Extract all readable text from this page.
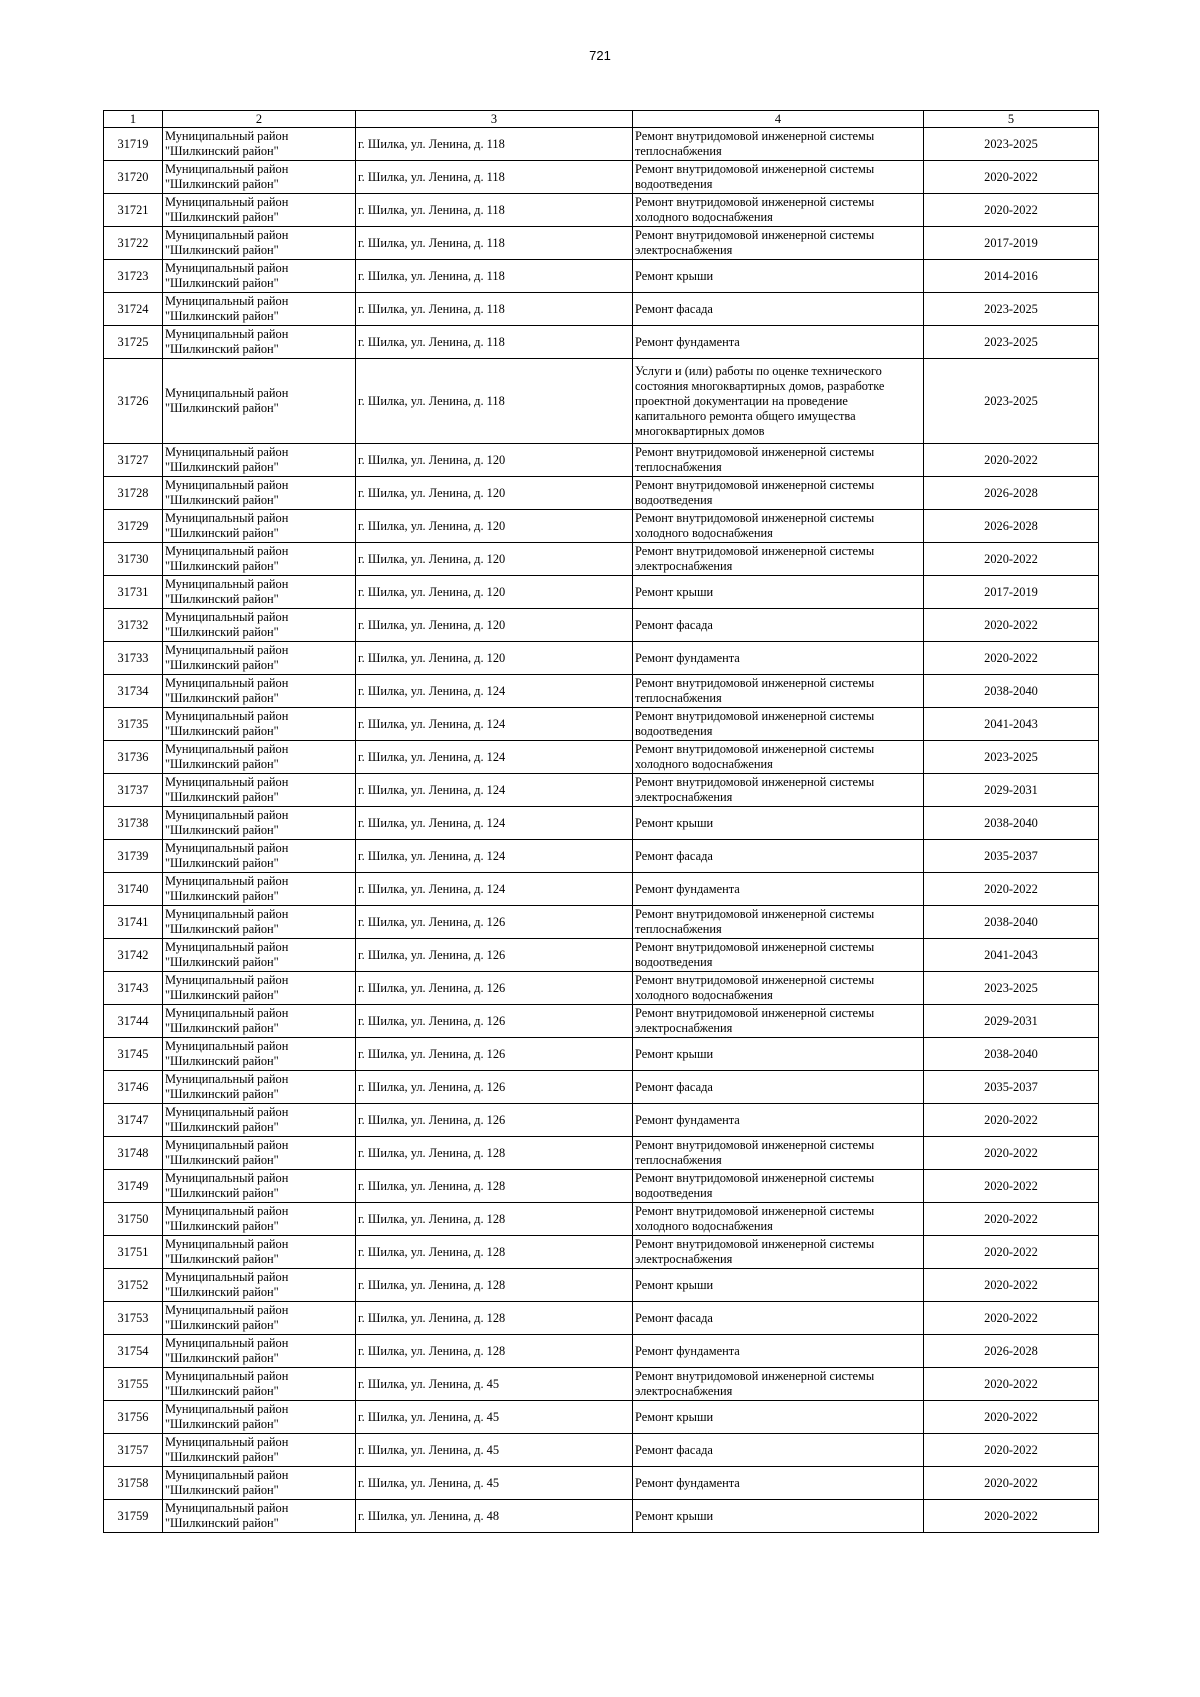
721
1	2	3	4	5
31719	Муниципальный район "Шилкинский район"	г. Шилка, ул. Ленина, д. 118	Ремонт внутридомовой инженерной системы теплоснабжения	2023-2025
31720	Муниципальный район "Шилкинский район"	г. Шилка, ул. Ленина, д. 118	Ремонт внутридомовой инженерной системы водоотведения	2020-2022
31721	Муниципальный район "Шилкинский район"	г. Шилка, ул. Ленина, д. 118	Ремонт внутридомовой инженерной системы холодного водоснабжения	2020-2022
31722	Муниципальный район "Шилкинский район"	г. Шилка, ул. Ленина, д. 118	Ремонт внутридомовой инженерной системы электроснабжения	2017-2019
31723	Муниципальный район "Шилкинский район"	г. Шилка, ул. Ленина, д. 118	Ремонт крыши	2014-2016
31724	Муниципальный район "Шилкинский район"	г. Шилка, ул. Ленина, д. 118	Ремонт фасада	2023-2025
31725	Муниципальный район "Шилкинский район"	г. Шилка, ул. Ленина, д. 118	Ремонт фундамента	2023-2025
31726	Муниципальный район "Шилкинский район"	г. Шилка, ул. Ленина, д. 118	Услуги и (или) работы по оценке технического состояния многоквартирных домов, разработке проектной документации на проведение капитального ремонта общего имущества многоквартирных домов	2023-2025
31727	Муниципальный район "Шилкинский район"	г. Шилка, ул. Ленина, д. 120	Ремонт внутридомовой инженерной системы теплоснабжения	2020-2022
31728	Муниципальный район "Шилкинский район"	г. Шилка, ул. Ленина, д. 120	Ремонт внутридомовой инженерной системы водоотведения	2026-2028
31729	Муниципальный район "Шилкинский район"	г. Шилка, ул. Ленина, д. 120	Ремонт внутридомовой инженерной системы холодного водоснабжения	2026-2028
31730	Муниципальный район "Шилкинский район"	г. Шилка, ул. Ленина, д. 120	Ремонт внутридомовой инженерной системы электроснабжения	2020-2022
31731	Муниципальный район "Шилкинский район"	г. Шилка, ул. Ленина, д. 120	Ремонт крыши	2017-2019
31732	Муниципальный район "Шилкинский район"	г. Шилка, ул. Ленина, д. 120	Ремонт фасада	2020-2022
31733	Муниципальный район "Шилкинский район"	г. Шилка, ул. Ленина, д. 120	Ремонт фундамента	2020-2022
31734	Муниципальный район "Шилкинский район"	г. Шилка, ул. Ленина, д. 124	Ремонт внутридомовой инженерной системы теплоснабжения	2038-2040
31735	Муниципальный район "Шилкинский район"	г. Шилка, ул. Ленина, д. 124	Ремонт внутридомовой инженерной системы водоотведения	2041-2043
31736	Муниципальный район "Шилкинский район"	г. Шилка, ул. Ленина, д. 124	Ремонт внутридомовой инженерной системы холодного водоснабжения	2023-2025
31737	Муниципальный район "Шилкинский район"	г. Шилка, ул. Ленина, д. 124	Ремонт внутридомовой инженерной системы электроснабжения	2029-2031
31738	Муниципальный район "Шилкинский район"	г. Шилка, ул. Ленина, д. 124	Ремонт крыши	2038-2040
31739	Муниципальный район "Шилкинский район"	г. Шилка, ул. Ленина, д. 124	Ремонт фасада	2035-2037
31740	Муниципальный район "Шилкинский район"	г. Шилка, ул. Ленина, д. 124	Ремонт фундамента	2020-2022
31741	Муниципальный район "Шилкинский район"	г. Шилка, ул. Ленина, д. 126	Ремонт внутридомовой инженерной системы теплоснабжения	2038-2040
31742	Муниципальный район "Шилкинский район"	г. Шилка, ул. Ленина, д. 126	Ремонт внутридомовой инженерной системы водоотведения	2041-2043
31743	Муниципальный район "Шилкинский район"	г. Шилка, ул. Ленина, д. 126	Ремонт внутридомовой инженерной системы холодного водоснабжения	2023-2025
31744	Муниципальный район "Шилкинский район"	г. Шилка, ул. Ленина, д. 126	Ремонт внутридомовой инженерной системы электроснабжения	2029-2031
31745	Муниципальный район "Шилкинский район"	г. Шилка, ул. Ленина, д. 126	Ремонт крыши	2038-2040
31746	Муниципальный район "Шилкинский район"	г. Шилка, ул. Ленина, д. 126	Ремонт фасада	2035-2037
31747	Муниципальный район "Шилкинский район"	г. Шилка, ул. Ленина, д. 126	Ремонт фундамента	2020-2022
31748	Муниципальный район "Шилкинский район"	г. Шилка, ул. Ленина, д. 128	Ремонт внутридомовой инженерной системы теплоснабжения	2020-2022
31749	Муниципальный район "Шилкинский район"	г. Шилка, ул. Ленина, д. 128	Ремонт внутридомовой инженерной системы водоотведения	2020-2022
31750	Муниципальный район "Шилкинский район"	г. Шилка, ул. Ленина, д. 128	Ремонт внутридомовой инженерной системы холодного водоснабжения	2020-2022
31751	Муниципальный район "Шилкинский район"	г. Шилка, ул. Ленина, д. 128	Ремонт внутридомовой инженерной системы электроснабжения	2020-2022
31752	Муниципальный район "Шилкинский район"	г. Шилка, ул. Ленина, д. 128	Ремонт крыши	2020-2022
31753	Муниципальный район "Шилкинский район"	г. Шилка, ул. Ленина, д. 128	Ремонт фасада	2020-2022
31754	Муниципальный район "Шилкинский район"	г. Шилка, ул. Ленина, д. 128	Ремонт фундамента	2026-2028
31755	Муниципальный район "Шилкинский район"	г. Шилка, ул. Ленина, д. 45	Ремонт внутридомовой инженерной системы электроснабжения	2020-2022
31756	Муниципальный район "Шилкинский район"	г. Шилка, ул. Ленина, д. 45	Ремонт крыши	2020-2022
31757	Муниципальный район "Шилкинский район"	г. Шилка, ул. Ленина, д. 45	Ремонт фасада	2020-2022
31758	Муниципальный район "Шилкинский район"	г. Шилка, ул. Ленина, д. 45	Ремонт фундамента	2020-2022
31759	Муниципальный район "Шилкинский район"	г. Шилка, ул. Ленина, д. 48	Ремонт крыши	2020-2022
